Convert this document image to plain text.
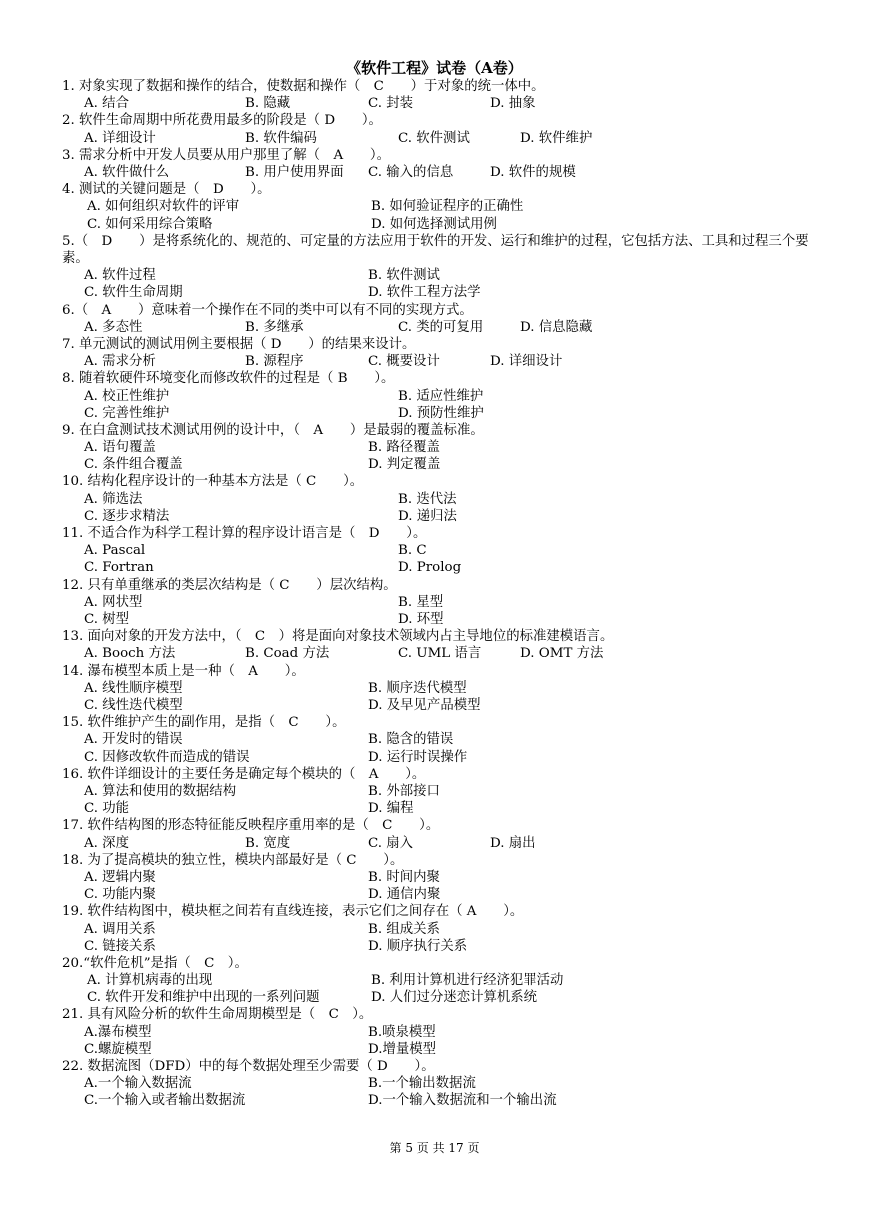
《软件工程》试卷（A卷）
1. 对象实现了数据和操作的结合，使数据和操作（　C　　）于对象的统一体中。
A. 结合	B. 隐藏	C. 封装	D. 抽象
2. 软件生命周期中所花费用最多的阶段是（ D　　）。
A. 详细设计	B. 软件编码	C. 软件测试	D. 软件维护
3. 需求分析中开发人员要从用户那里了解（　A　　）。
A. 软件做什么	B. 用户使用界面 C. 输入的信息	D. 软件的规模
4. 测试的关键问题是（　D　　）。
A. 如何组织对软件的评审	B. 如何验证程序的正确性
C. 如何采用综合策略	D. 如何选择测试用例
5.（　D　　）是将系统化的、规范的、可定量的方法应用于软件的开发、运行和维护的过程，它包括方法、工具和过程三个要素。
A. 软件过程	B. 软件测试
C. 软件生命周期	D. 软件工程方法学
6.（　A　　）意味着一个操作在不同的类中可以有不同的实现方式。
A. 多态性	B. 多继承	C. 类的可复用	D. 信息隐藏
7. 单元测试的测试用例主要根据（ D　　）的结果来设计。
A. 需求分析	B. 源程序	C. 概要设计	D. 详细设计
8. 随着软硬件环境变化而修改软件的过程是（ B　　）。
A. 校正性维护	B. 适应性维护
C. 完善性维护	D. 预防性维护
9. 在白盒测试技术测试用例的设计中，（　A　　）是最弱的覆盖标准。
A. 语句覆盖	B. 路径覆盖
C. 条件组合覆盖	D. 判定覆盖
10. 结构化程序设计的一种基本方法是（ C　　）。
A. 筛选法	B. 迭代法
C. 逐步求精法	D. 递归法
11. 不适合作为科学工程计算的程序设计语言是（　D　　）。
A. Pascal	B. C
C. Fortran	D. Prolog
12. 只有单重继承的类层次结构是（ C　　）层次结构。
A. 网状型	B. 星型
C. 树型	D. 环型
13. 面向对象的开发方法中，（　C　）将是面向对象技术领域内占主导地位的标准建模语言。
A. Booch 方法	B. Coad 方法	C. UML 语言	D. OMT 方法
14. 瀑布模型本质上是一种（　A　　）。
A. 线性顺序模型	B. 顺序迭代模型
C. 线性迭代模型	D. 及早见产品模型
15. 软件维护产生的副作用，是指（　C　　）。
A. 开发时的错误	B. 隐含的错误
C. 因修改软件而造成的错误	D. 运行时误操作
16. 软件详细设计的主要任务是确定每个模块的（　A　　）。
A. 算法和使用的数据结构	B. 外部接口
C. 功能	D. 编程
17. 软件结构图的形态特征能反映程序重用率的是（　C　　）。
A. 深度	B. 宽度	C. 扇入	D. 扇出
18. 为了提高模块的独立性，模块内部最好是（ C　　）。
A. 逻辑内聚	B. 时间内聚
C. 功能内聚	D. 通信内聚
19. 软件结构图中，模块框之间若有直线连接，表示它们之间存在（ A　　）。
A. 调用关系	B. 组成关系
C. 链接关系	D. 顺序执行关系
20.“软件危机”是指（　C　）。
A. 计算机病毒的出现	B. 利用计算机进行经济犯罪活动
C. 软件开发和维护中出现的一系列问题	D. 人们过分迷恋计算机系统
21. 具有风险分析的软件生命周期模型是（　C　）。
A.瀑布模型	B.喷泉模型
C.螺旋模型	D.增量模型
22. 数据流图（DFD）中的每个数据处理至少需要（ D　　）。
A.一个输入数据流	B.一个输出数据流
C.一个输入或者输出数据流	D.一个输入数据流和一个输出流
第 5 页 共 17 页
